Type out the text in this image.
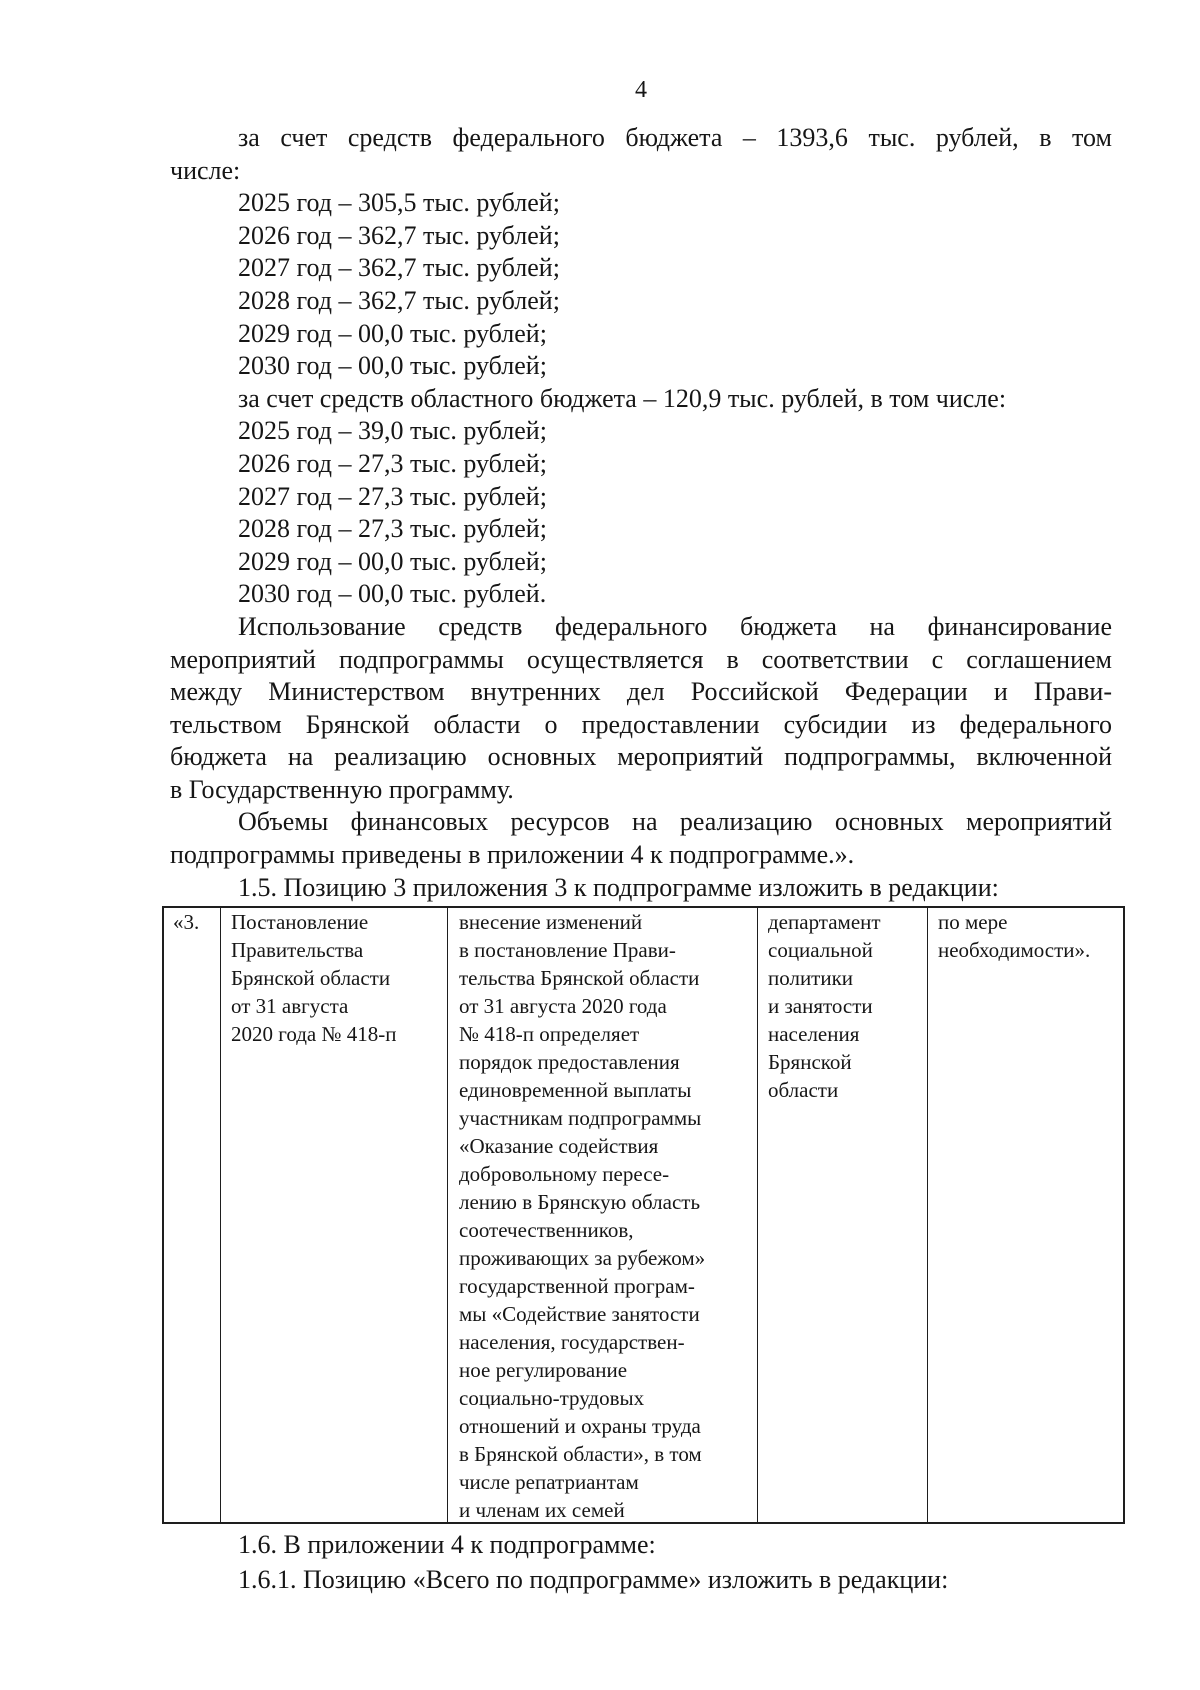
4
за счет средств федерального бюджета – 1393,6 тыс. рублей, в том
числе:
2025 год – 305,5 тыс. рублей;
2026 год – 362,7 тыс. рублей;
2027 год – 362,7 тыс. рублей;
2028 год – 362,7 тыс. рублей;
2029 год – 00,0 тыс. рублей;
2030 год – 00,0 тыс. рублей;
за счет средств областного бюджета – 120,9 тыс. рублей, в том числе:
2025 год – 39,0 тыс. рублей;
2026 год – 27,3 тыс. рублей;
2027 год – 27,3 тыс. рублей;
2028 год – 27,3 тыс. рублей;
2029 год – 00,0 тыс. рублей;
2030 год – 00,0 тыс. рублей.
Использование средств федерального бюджета на финансирование
мероприятий подпрограммы осуществляется в соответствии с соглашением
между Министерством внутренних дел Российской Федерации и Прави-
тельством Брянской области о предоставлении субсидии из федерального
бюджета на реализацию основных мероприятий подпрограммы, включенной
в Государственную программу.
Объемы финансовых ресурсов на реализацию основных мероприятий
подпрограммы приведены в приложении 4 к подпрограмме.».
1.5. Позицию 3 приложения 3 к подпрограмме изложить в редакции:
«3.	Постановление
Правительства
Брянской области
от 31 августа
2020 года № 418-п
внесение изменений
в постановление Прави-
тельства Брянской области
от 31 августа 2020 года
№ 418-п определяет
порядок предоставления
единовременной выплаты
участникам подпрограммы
«Оказание содействия
добровольному пересе-
лению в Брянскую область
соотечественников,
проживающих за рубежом»
государственной програм-
мы «Содействие занятости
населения, государствен-
ное регулирование
социально-трудовых
отношений и охраны труда
в Брянской области», в том
числе репатриантам
и членам их семей
департамент
социальной
политики
и занятости
населения
Брянской
области
по мере
необходимости».
1.6. В приложении 4 к подпрограмме:
1.6.1. Позицию «Всего по подпрограмме» изложить в редакции:
